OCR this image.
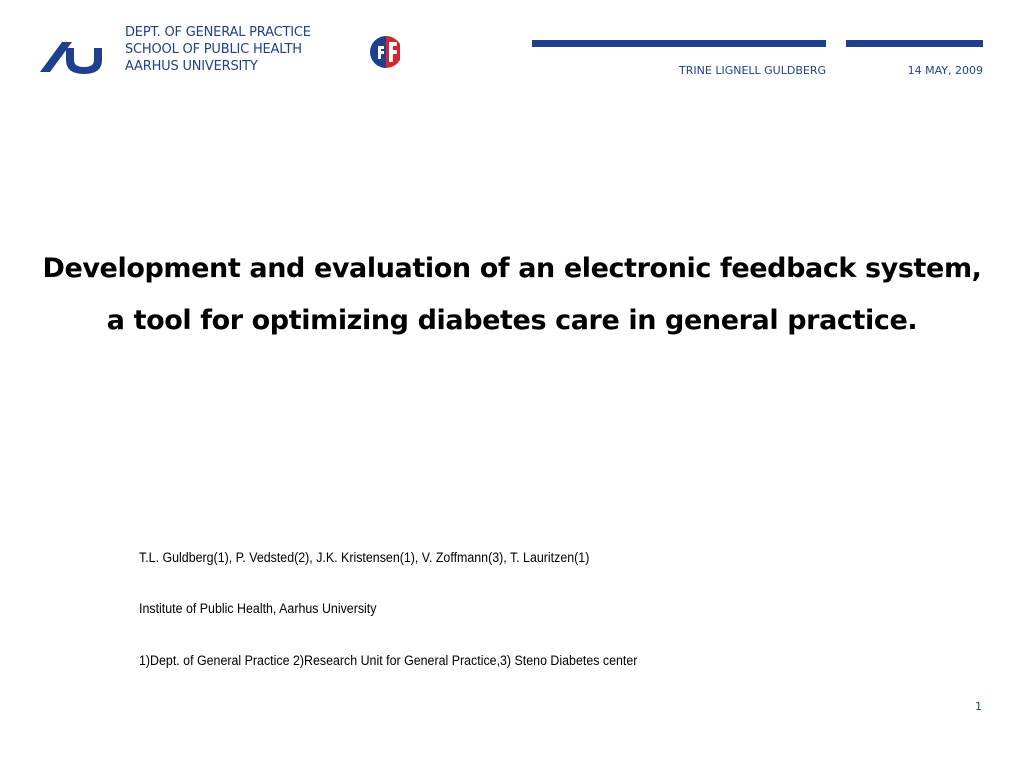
DEPT. OF GENERAL PRACTICE
SCHOOL OF PUBLIC HEALTH
AARHUS UNIVERSITY	TRINE LIGNELL GULDBERG	14 MAY, 2009
Development and evaluation of an electronic feedback system,
a tool for optimizing diabetes care in general practice.
T.L. Guldberg(1), P. Vedsted(2), J.K. Kristensen(1), V. Zoffmann(3), T. Lauritzen(1)
Institute of Public Health, Aarhus University
1)Dept. of General Practice 2)Research Unit for General Practice,3) Steno Diabetes center
1
